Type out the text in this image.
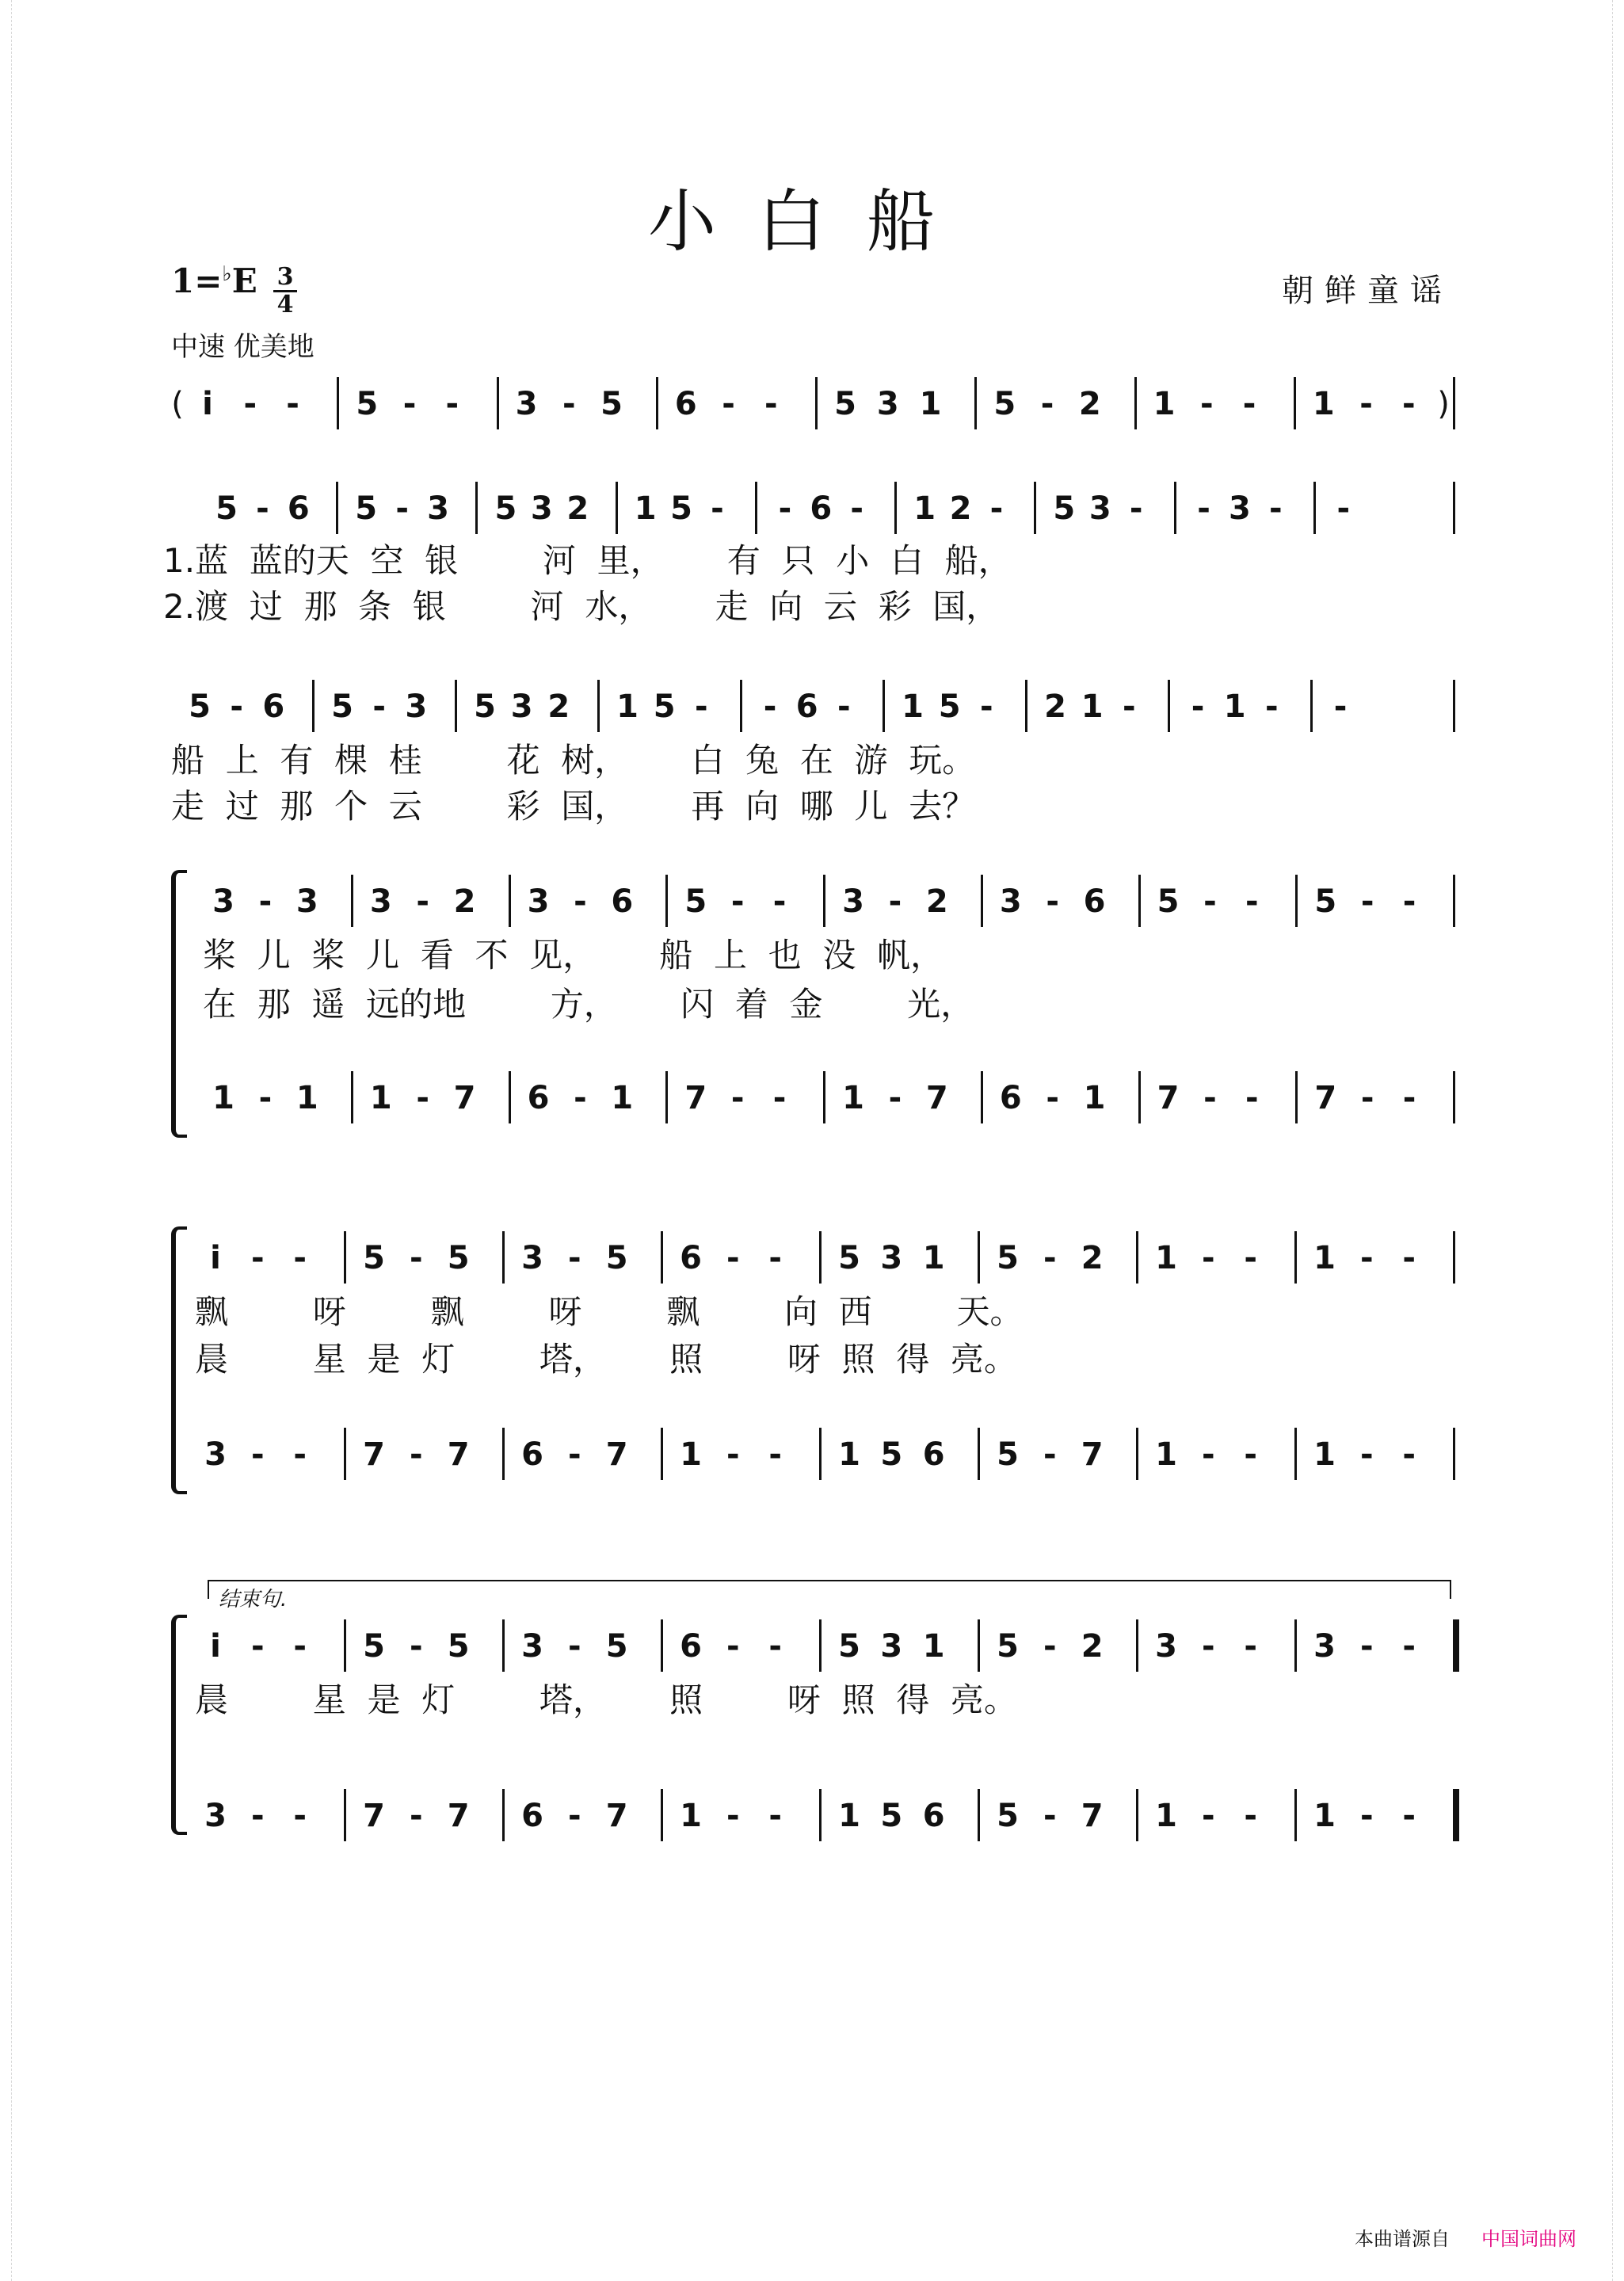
小白船
1=♭E 3
4	朝鲜童谣
中速 优美地
( i - - 5 - - 3 - 5 6 - - 5 3 1 5 - 2 1 - - 1 - - )
5 - 6 5 - 3 5 3 2 1 5 - - 6 - 1 2 - 5 3 - - 3 - -
5 - 6 5 - 3 5 3 2 1 5 - - 6 - 1 5 - 2 1 - - 1 - -
3 - 3 3 - 2 3 - 6 5 - - 3 - 2 3 - 6 5 - - 5 - -
1 - 1 1 - 7 6 - 1 7 - - 1 - 7 6 - 1 7 - - 7 - -
i - - 5 - 5 3 - 5 6 - - 5 3 1 5 - 2 1 - - 1 - -
3 - - 7 - 7 6 - 7 1 - - 1 5 6 5 - 7 1 - - 1 - -
i - - 5 - 5 3 - 5 6 - - 5 3 1 5 - 2 3 - - 3 - -
3 - - 7 - 7 6 - 7 1 - - 1 5 6 5 - 7 1 - - 1 - -
1.蓝  蓝的天  空  银        河  里，      有  只  小  白  船，
2.渡  过  那  条  银        河  水，      走  向  云  彩  国，
船  上  有  棵  桂        花  树，      白  兔  在  游  玩。
走  过  那  个  云        彩  国，      再  向  哪  儿  去？
桨  儿  桨  儿  看  不  见，      船  上  也  没  帆，
在  那  遥  远的地        方，      闪  着  金        光，
飘        呀        飘        呀        飘        向  西        天。
晨        星  是  灯        塔，      照        呀  照  得  亮。
晨        星  是  灯        塔，      照        呀  照  得  亮。
结束句.
本曲谱源自 中国词曲网
